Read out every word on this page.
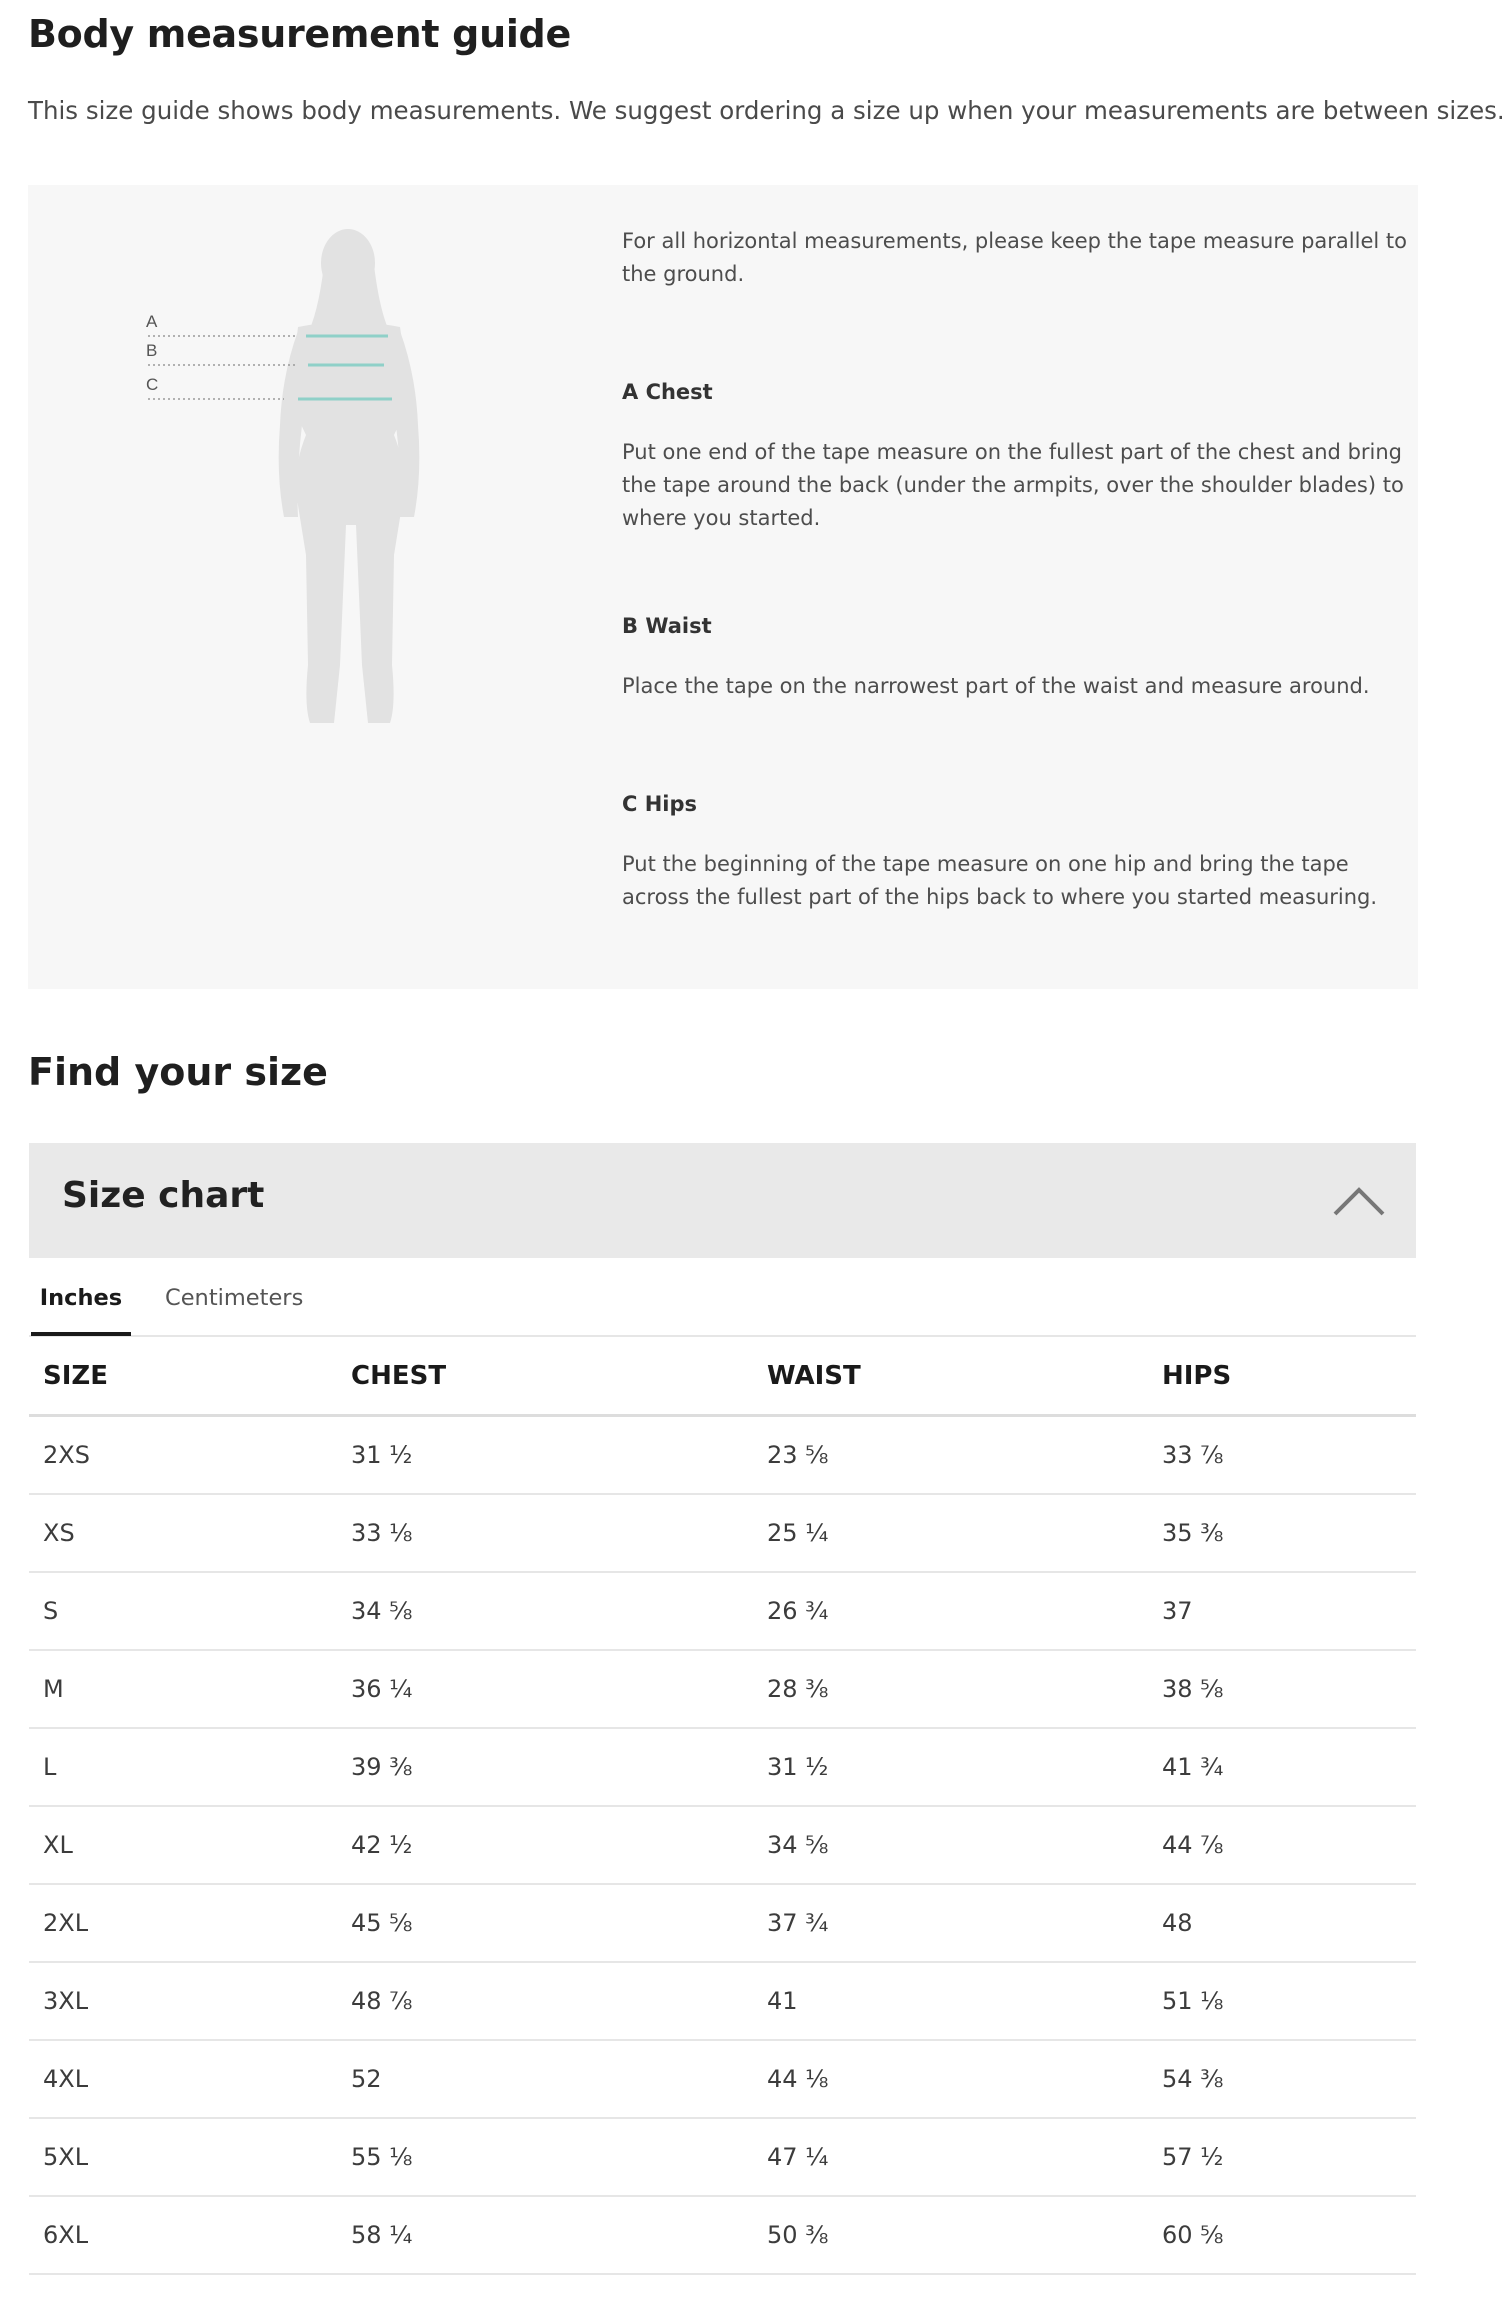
Body measurement guide

This size guide shows body measurements. We suggest ordering a size up when your measurements are between sizes.

A
B
C

For all horizontal measurements, please keep the tape measure parallel to the ground.

A Chest

Put one end of the tape measure on the fullest part of the chest and bring the tape around the back (under the armpits, over the shoulder blades) to where you started.

B Waist

Place the tape on the narrowest part of the waist and measure around.

C Hips

Put the beginning of the tape measure on one hip and bring the tape across the fullest part of the hips back to where you started measuring.

Find your size
Size chart
Inches	Centimeters
SIZE	CHEST	WAIST	HIPS
2XS	31 ½	23 ⅝	33 ⅞
XS	33 ⅛	25 ¼	35 ⅜
S	34 ⅝	26 ¾	37
M	36 ¼	28 ⅜	38 ⅝
L	39 ⅜	31 ½	41 ¾
XL	42 ½	34 ⅝	44 ⅞
2XL	45 ⅝	37 ¾	48
3XL	48 ⅞	41	51 ⅛
4XL	52	44 ⅛	54 ⅜
5XL	55 ⅛	47 ¼	57 ½
6XL	58 ¼	50 ⅜	60 ⅝
